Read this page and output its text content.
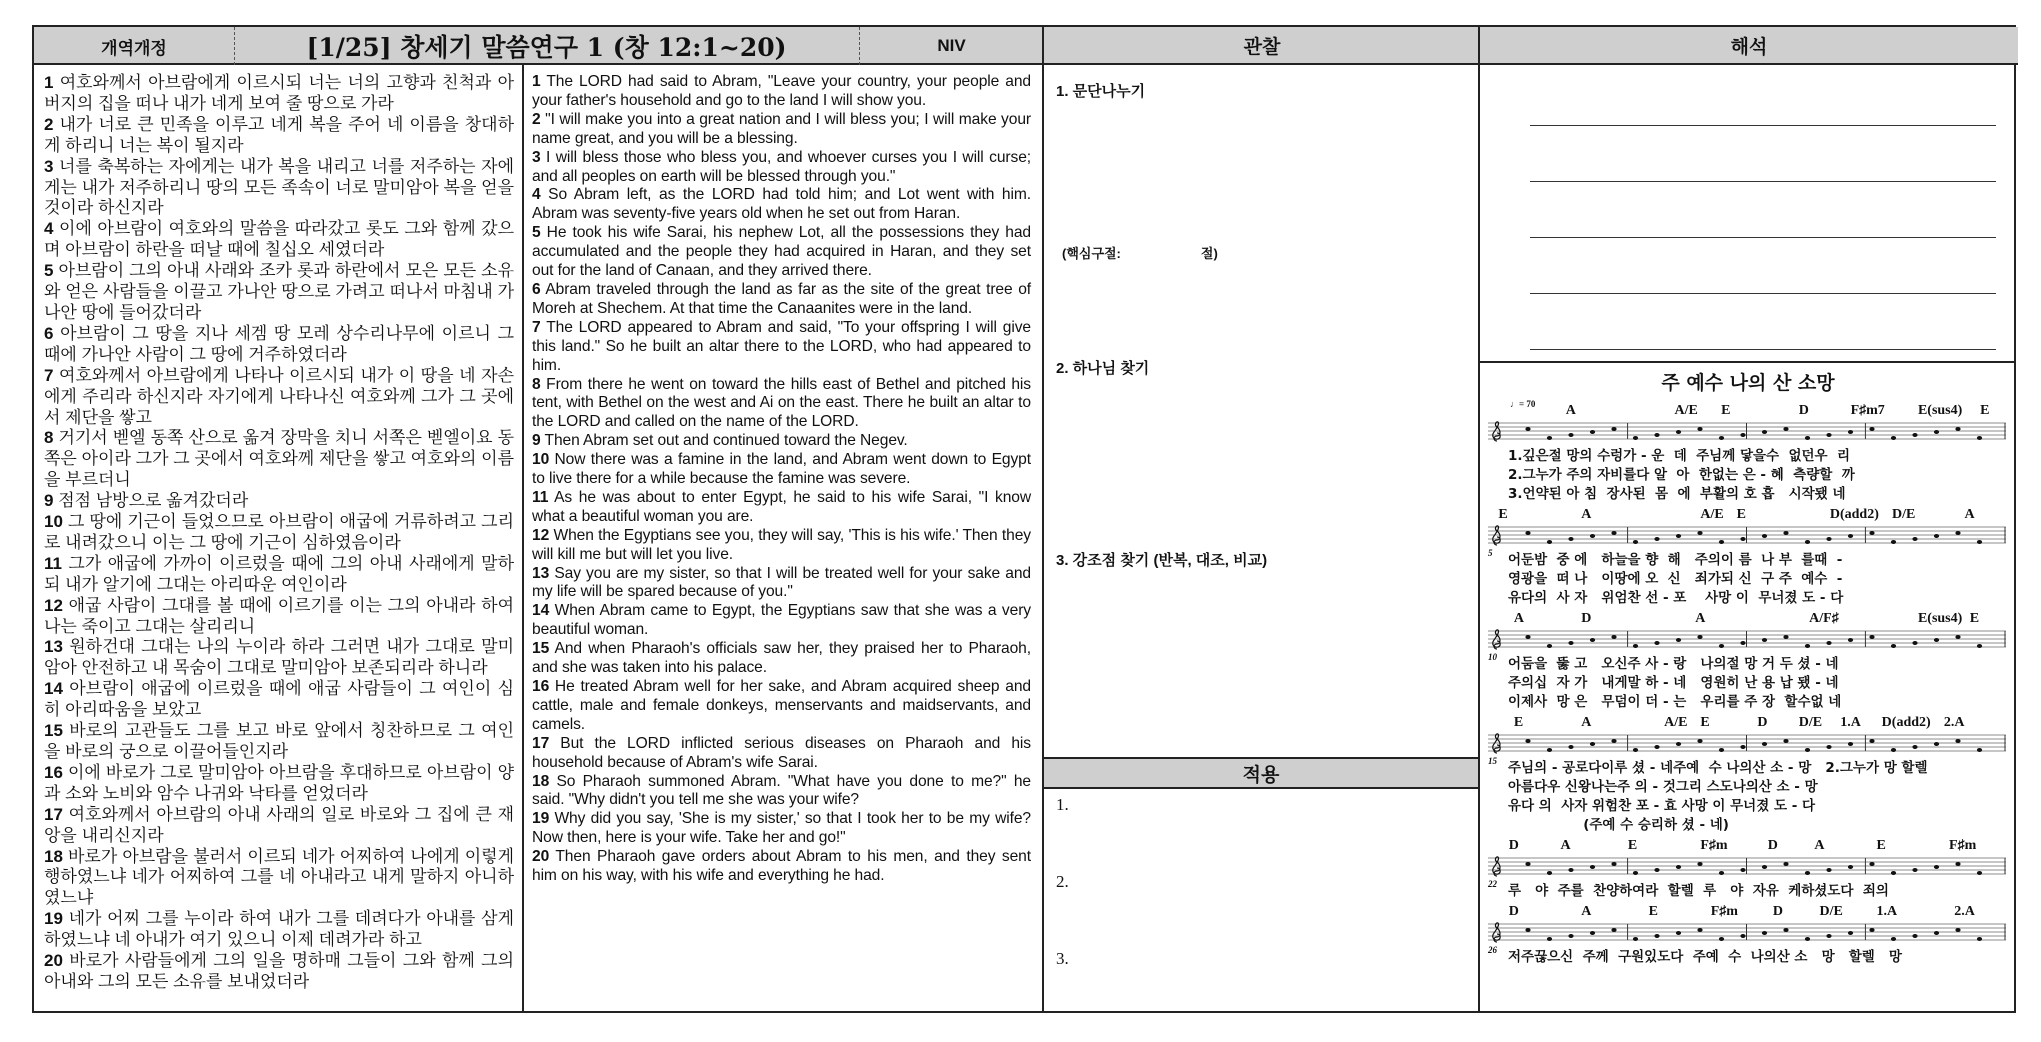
개역개정	[1/25] 창세기 말씀연구 1 (창 12:1~20)	NIV	관찰	해석
1 여호와께서 아브람에게 이르시되 너는 너의 고향과 친척과 아버지의 집을 떠나 내가 네게 보여 줄 땅으로 가라
2 내가 너로 큰 민족을 이루고 네게 복을 주어 네 이름을 창대하게 하리니 너는 복이 될지라
3 너를 축복하는 자에게는 내가 복을 내리고 너를 저주하는 자에게는 내가 저주하리니 땅의 모든 족속이 너로 말미암아 복을 얻을 것이라 하신지라
4 이에 아브람이 여호와의 말씀을 따라갔고 롯도 그와 함께 갔으며 아브람이 하란을 떠날 때에 칠십오 세였더라
5 아브람이 그의 아내 사래와 조카 롯과 하란에서 모은 모든 소유와 얻은 사람들을 이끌고 가나안 땅으로 가려고 떠나서 마침내 가나안 땅에 들어갔더라
6 아브람이 그 땅을 지나 세겜 땅 모레 상수리나무에 이르니 그 때에 가나안 사람이 그 땅에 거주하였더라
7 여호와께서 아브람에게 나타나 이르시되 내가 이 땅을 네 자손에게 주리라 하신지라 자기에게 나타나신 여호와께 그가 그 곳에서 제단을 쌓고
8 거기서 벧엘 동쪽 산으로 옮겨 장막을 치니 서쪽은 벧엘이요 동쪽은 아이라 그가 그 곳에서 여호와께 제단을 쌓고 여호와의 이름을 부르더니
9 점점 남방으로 옮겨갔더라
10 그 땅에 기근이 들었으므로 아브람이 애굽에 거류하려고 그리로 내려갔으니 이는 그 땅에 기근이 심하였음이라
11 그가 애굽에 가까이 이르렀을 때에 그의 아내 사래에게 말하되 내가 알기에 그대는 아리따운 여인이라
12 애굽 사람이 그대를 볼 때에 이르기를 이는 그의 아내라 하여 나는 죽이고 그대는 살리리니
13 원하건대 그대는 나의 누이라 하라 그러면 내가 그대로 말미암아 안전하고 내 목숨이 그대로 말미암아 보존되리라 하니라
14 아브람이 애굽에 이르렀을 때에 애굽 사람들이 그 여인이 심히 아리따움을 보았고
15 바로의 고관들도 그를 보고 바로 앞에서 칭찬하므로 그 여인을 바로의 궁으로 이끌어들인지라
16 이에 바로가 그로 말미암아 아브람을 후대하므로 아브람이 양과 소와 노비와 암수 나귀와 낙타를 얻었더라
17 여호와께서 아브람의 아내 사래의 일로 바로와 그 집에 큰 재앙을 내리신지라
18 바로가 아브람을 불러서 이르되 네가 어찌하여 나에게 이렇게 행하였느냐 네가 어찌하여 그를 네 아내라고 내게 말하지 아니하였느냐
19 네가 어찌 그를 누이라 하여 내가 그를 데려다가 아내를 삼게 하였느냐 네 아내가 여기 있으니 이제 데려가라 하고
20 바로가 사람들에게 그의 일을 명하매 그들이 그와 함께 그의 아내와 그의 모든 소유를 보내었더라

1 The LORD had said to Abram, "Leave your country, your people and your father's household and go to the land I will show you.
2 "I will make you into a great nation and I will bless you; I will make your name great, and you will be a blessing.
3 I will bless those who bless you, and whoever curses you I will curse; and all peoples on earth will be blessed through you."
4 So Abram left, as the LORD had told him; and Lot went with him. Abram was seventy-five years old when he set out from Haran.
5 He took his wife Sarai, his nephew Lot, all the possessions they had accumulated and the people they had acquired in Haran, and they set out for the land of Canaan, and they arrived there.
6 Abram traveled through the land as far as the site of the great tree of Moreh at Shechem. At that time the Canaanites were in the land.
7 The LORD appeared to Abram and said, "To your offspring I will give this land." So he built an altar there to the LORD, who had appeared to him.
8 From there he went on toward the hills east of Bethel and pitched his tent, with Bethel on the west and Ai on the east. There he built an altar to the LORD and called on the name of the LORD.
9 Then Abram set out and continued toward the Negev.
10 Now there was a famine in the land, and Abram went down to Egypt to live there for a while because the famine was severe.
11 As he was about to enter Egypt, he said to his wife Sarai, "I know what a beautiful woman you are.
12 When the Egyptians see you, they will say, 'This is his wife.' Then they will kill me but will let you live.
13 Say you are my sister, so that I will be treated well for your sake and my life will be spared because of you."
14 When Abram came to Egypt, the Egyptians saw that she was a very beautiful woman.
15 And when Pharaoh's officials saw her, they praised her to Pharaoh, and she was taken into his palace.
16 He treated Abram well for her sake, and Abram acquired sheep and cattle, male and female donkeys, menservants and maidservants, and camels.
17 But the LORD inflicted serious diseases on Pharaoh and his household because of Abram's wife Sarai.
18 So Pharaoh summoned Abram. "What have you done to me?" he said. "Why didn't you tell me she was your wife?
19 Why did you say, 'She is my sister,' so that I took her to be my wife? Now then, here is your wife. Take her and go!"
20 Then Pharaoh gave orders about Abram to his men, and they sent him on his way, with his wife and everything he had.

1. 문단나누기
(핵심구절:	절)
2. 하나님 찾기
3. 강조점 찾기 (반복, 대조, 비교)
적용
1.
2.
3.
주 예수 나의 산 소망
A	A/E E	D	F♯m7 E(sus4) E
♩= 70
1.깊은절 망의 수렁가 - 운  데  주님께 닿을수  없던우  리
2.그누가 주의 자비를다 알  아  한없는 은 - 혜  측량할  까
3.언약된 아 침  장사된  몸  에  부활의 호 흡   시작됐 네
E	A	A/E E	D(add2) D/E	A
5 어둔밤  중 에   하늘을 향  해   주의이 름  나 부  를때  -
영광을  떠 나   이땅에 오  신   죄가되 신  구 주  예수  -
유다의  사 자   위엄찬 선 - 포    사망 이  무너졌 도 - 다
A	D	A	A/F♯	E(sus4) E
10 어둠을  뚫 고   오신주 사 - 랑   나의절 망 거 두 셨 - 네
주의십  자 가   내게말 하 - 네   영원히 난 용 납 됐 - 네
이제사  망 은   무덤이 더 - 는   우리를 주 장  할수없 네
E	A	A/E E	D D/E 1.A D(add2) 2.A
15 주님의 - 공로다이루 셨 - 네주예  수 나의산 소 - 망   2.그누가 망 할렐
아름다우 신왕나는주 의 - 것그리 스도나의산 소 - 망
유다 의  사자 위험찬 포 - 효 사망 이 무너졌 도 - 다
(주예 수 승리하 셨 - 네)
D	A	E	F♯m	D	A	E	F♯m
22 루   야  주를  찬양하여라  할렐  루   야  자유  케하셨도다  죄의
D	A	E	F♯m D	D/E 1.A	2.A
26 저주끊으신  주께  구원있도다  주예  수  나의산 소   망   할렐   망
